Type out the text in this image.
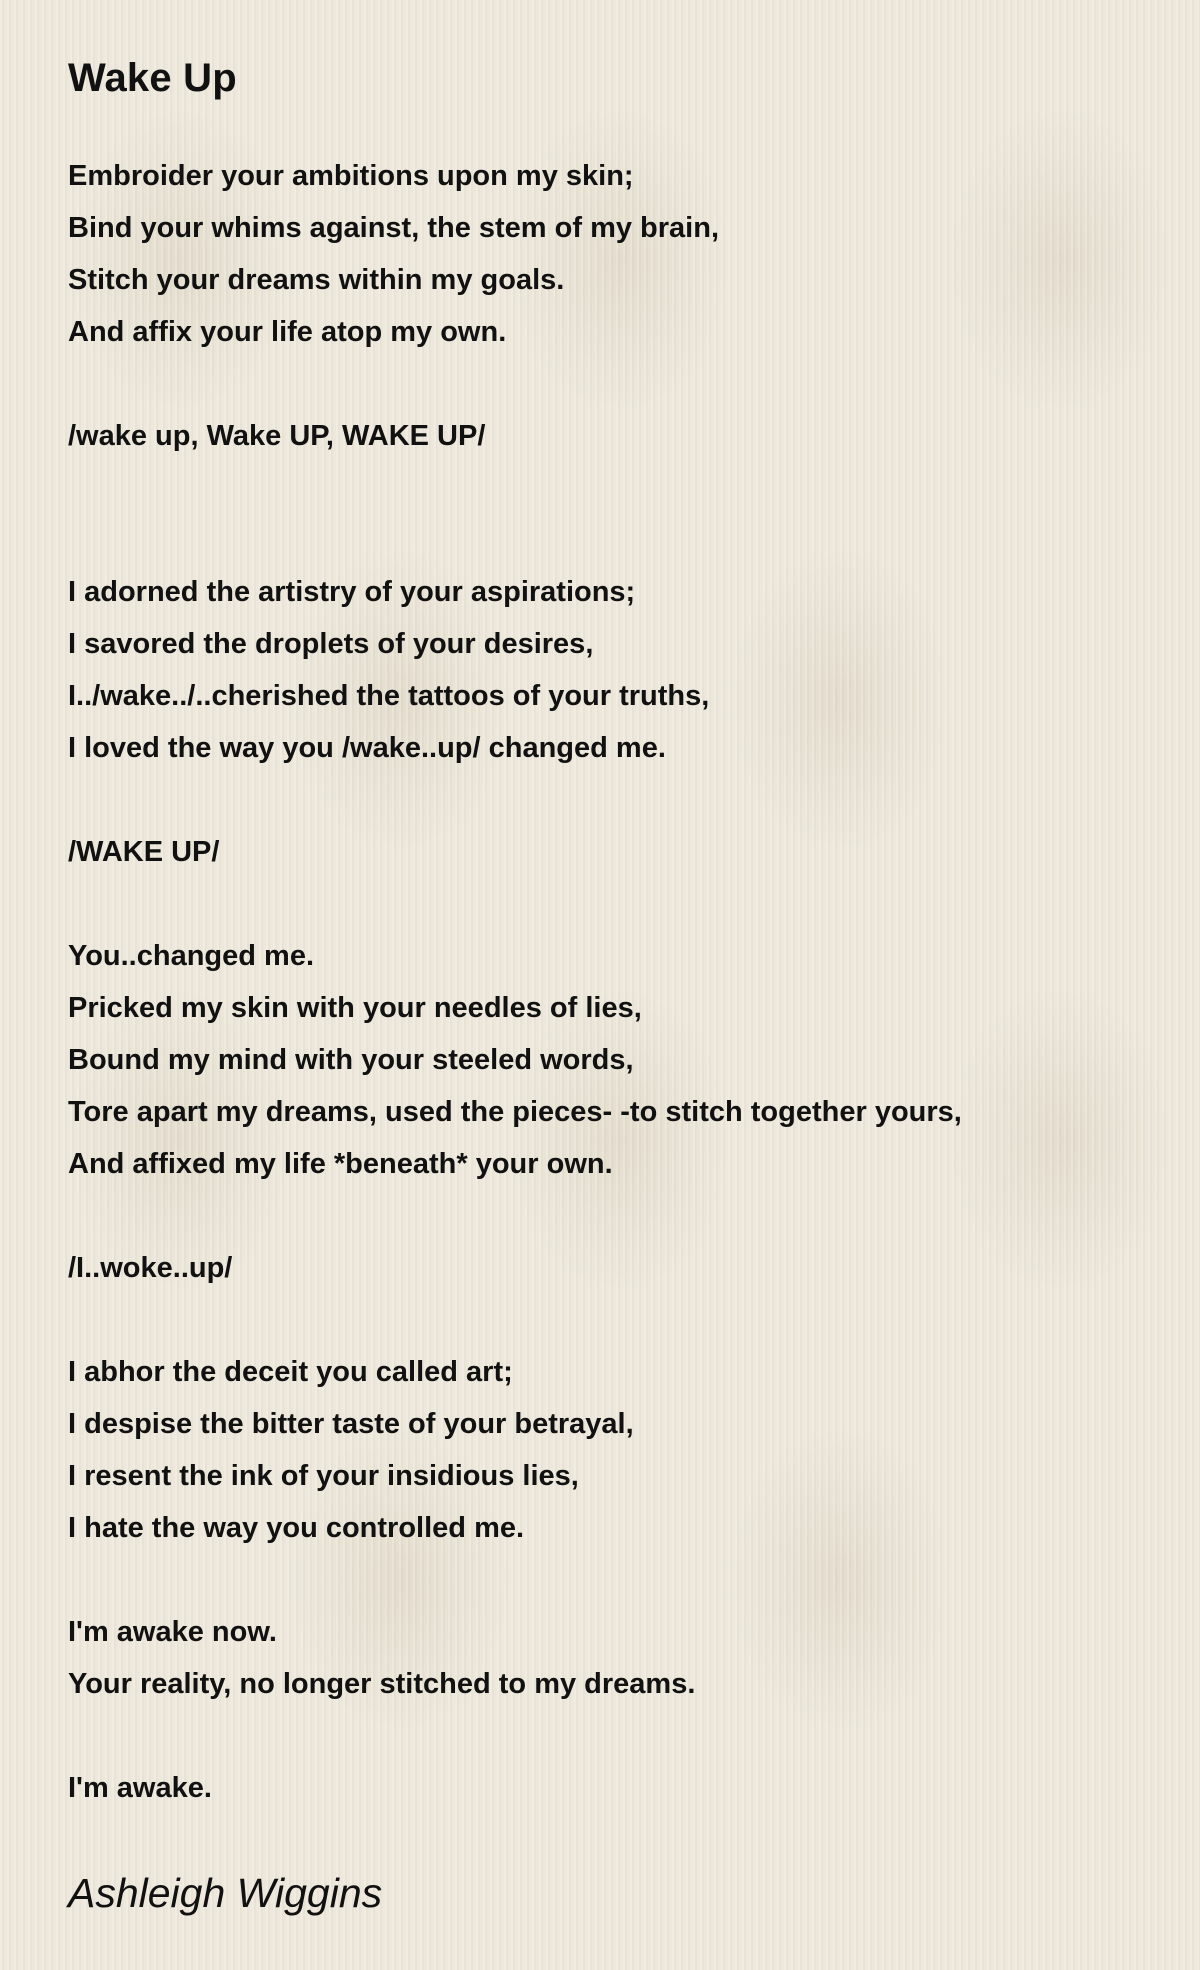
Wake Up
Embroider your ambitions upon my skin;
Bind your whims against, the stem of my brain,
Stitch your dreams within my goals.
And affix your life atop my own.
/wake up, Wake UP, WAKE UP/
I adorned the artistry of your aspirations;
I savored the droplets of your desires,
I../wake../..cherished the tattoos of your truths,
I loved the way you /wake..up/ changed me.
/WAKE UP/
You..changed me.
Pricked my skin with your needles of lies,
Bound my mind with your steeled words,
Tore apart my dreams, used the pieces- -to stitch together yours,
And affixed my life *beneath* your own.
/I..woke..up/
I abhor the deceit you called art;
I despise the bitter taste of your betrayal,
I resent the ink of your insidious lies,
I hate the way you controlled me.
I'm awake now.
Your reality, no longer stitched to my dreams.
I'm awake.
Ashleigh Wiggins
